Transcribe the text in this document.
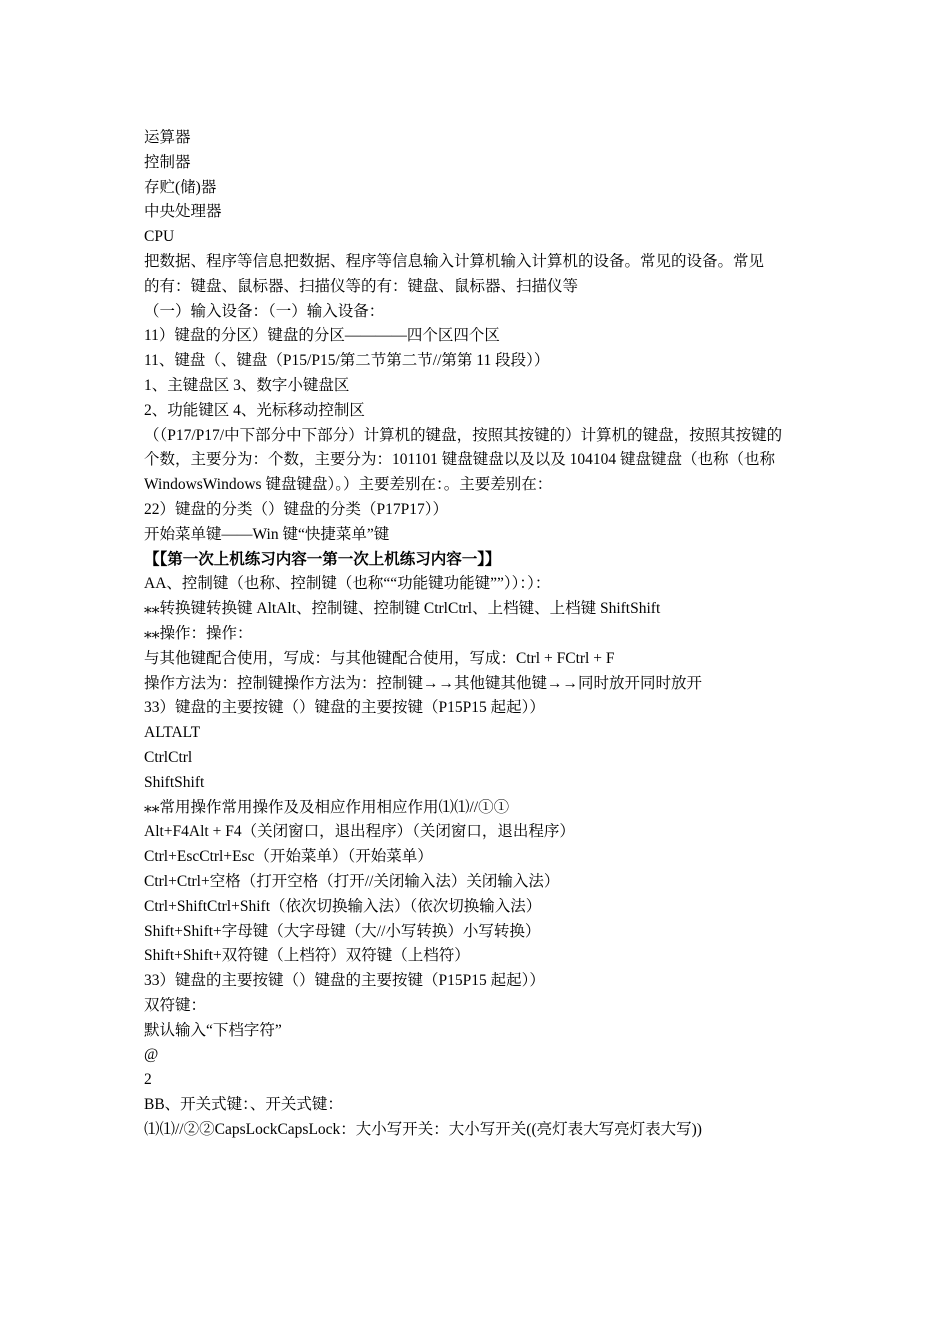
运算器
控制器
存贮(储)器
中央处理器
CPU
把数据、程序等信息把数据、程序等信息输入计算机输入计算机的设备。常见的设备。常见
的有：键盘、鼠标器、扫描仪等的有：键盘、鼠标器、扫描仪等
（一）输入设备：（一）输入设备：
11）键盘的分区）键盘的分区————四个区四个区
11、键盘（、键盘（P15/P15/第二节第二节//第第 11 段段））
1、主键盘区 3、数字小键盘区
2、功能键区 4、光标移动控制区
（（P17/P17/中下部分中下部分）计算机的键盘，按照其按键的）计算机的键盘，按照其按键的
个数，主要分为：个数，主要分为：101101 键盘键盘以及以及 104104 键盘键盘（也称（也称
WindowsWindows 键盘键盘）。）主要差别在：。主要差别在：
22）键盘的分类（）键盘的分类（P17P17））
开始菜单键——Win 键“快捷菜单”键
【【第一次上机练习内容一第一次上机练习内容一】】
AA、控制键（也称、控制键（也称““功能键功能键””））：）：
⁎⁎转换键转换键 AltAlt、控制键、控制键 CtrlCtrl、上档键、上档键 ShiftShift
⁎⁎操作：操作：
与其他键配合使用，写成：与其他键配合使用，写成：Ctrl + FCtrl + F
操作方法为：控制键操作方法为：控制键→→其他键其他键→→同时放开同时放开
33）键盘的主要按键（）键盘的主要按键（P15P15 起起））
ALTALT
CtrlCtrl
ShiftShift
⁎⁎常用操作常用操作及及相应作用相应作用⑴⑴//①①
Alt+F4Alt + F4（关闭窗口，退出程序）（关闭窗口，退出程序）
Ctrl+EscCtrl+Esc（开始菜单）（开始菜单）
Ctrl+Ctrl+空格（打开空格（打开//关闭输入法）关闭输入法）
Ctrl+ShiftCtrl+Shift（依次切换输入法）（依次切换输入法）
Shift+Shift+字母键（大字母键（大//小写转换）小写转换）
Shift+Shift+双符键（上档符）双符键（上档符）
33）键盘的主要按键（）键盘的主要按键（P15P15 起起））
双符键：
默认输入“下档字符”
@
2
BB、开关式键：、开关式键：
⑴⑴//②②CapsLockCapsLock：大小写开关：大小写开关((亮灯表大写亮灯表大写))
